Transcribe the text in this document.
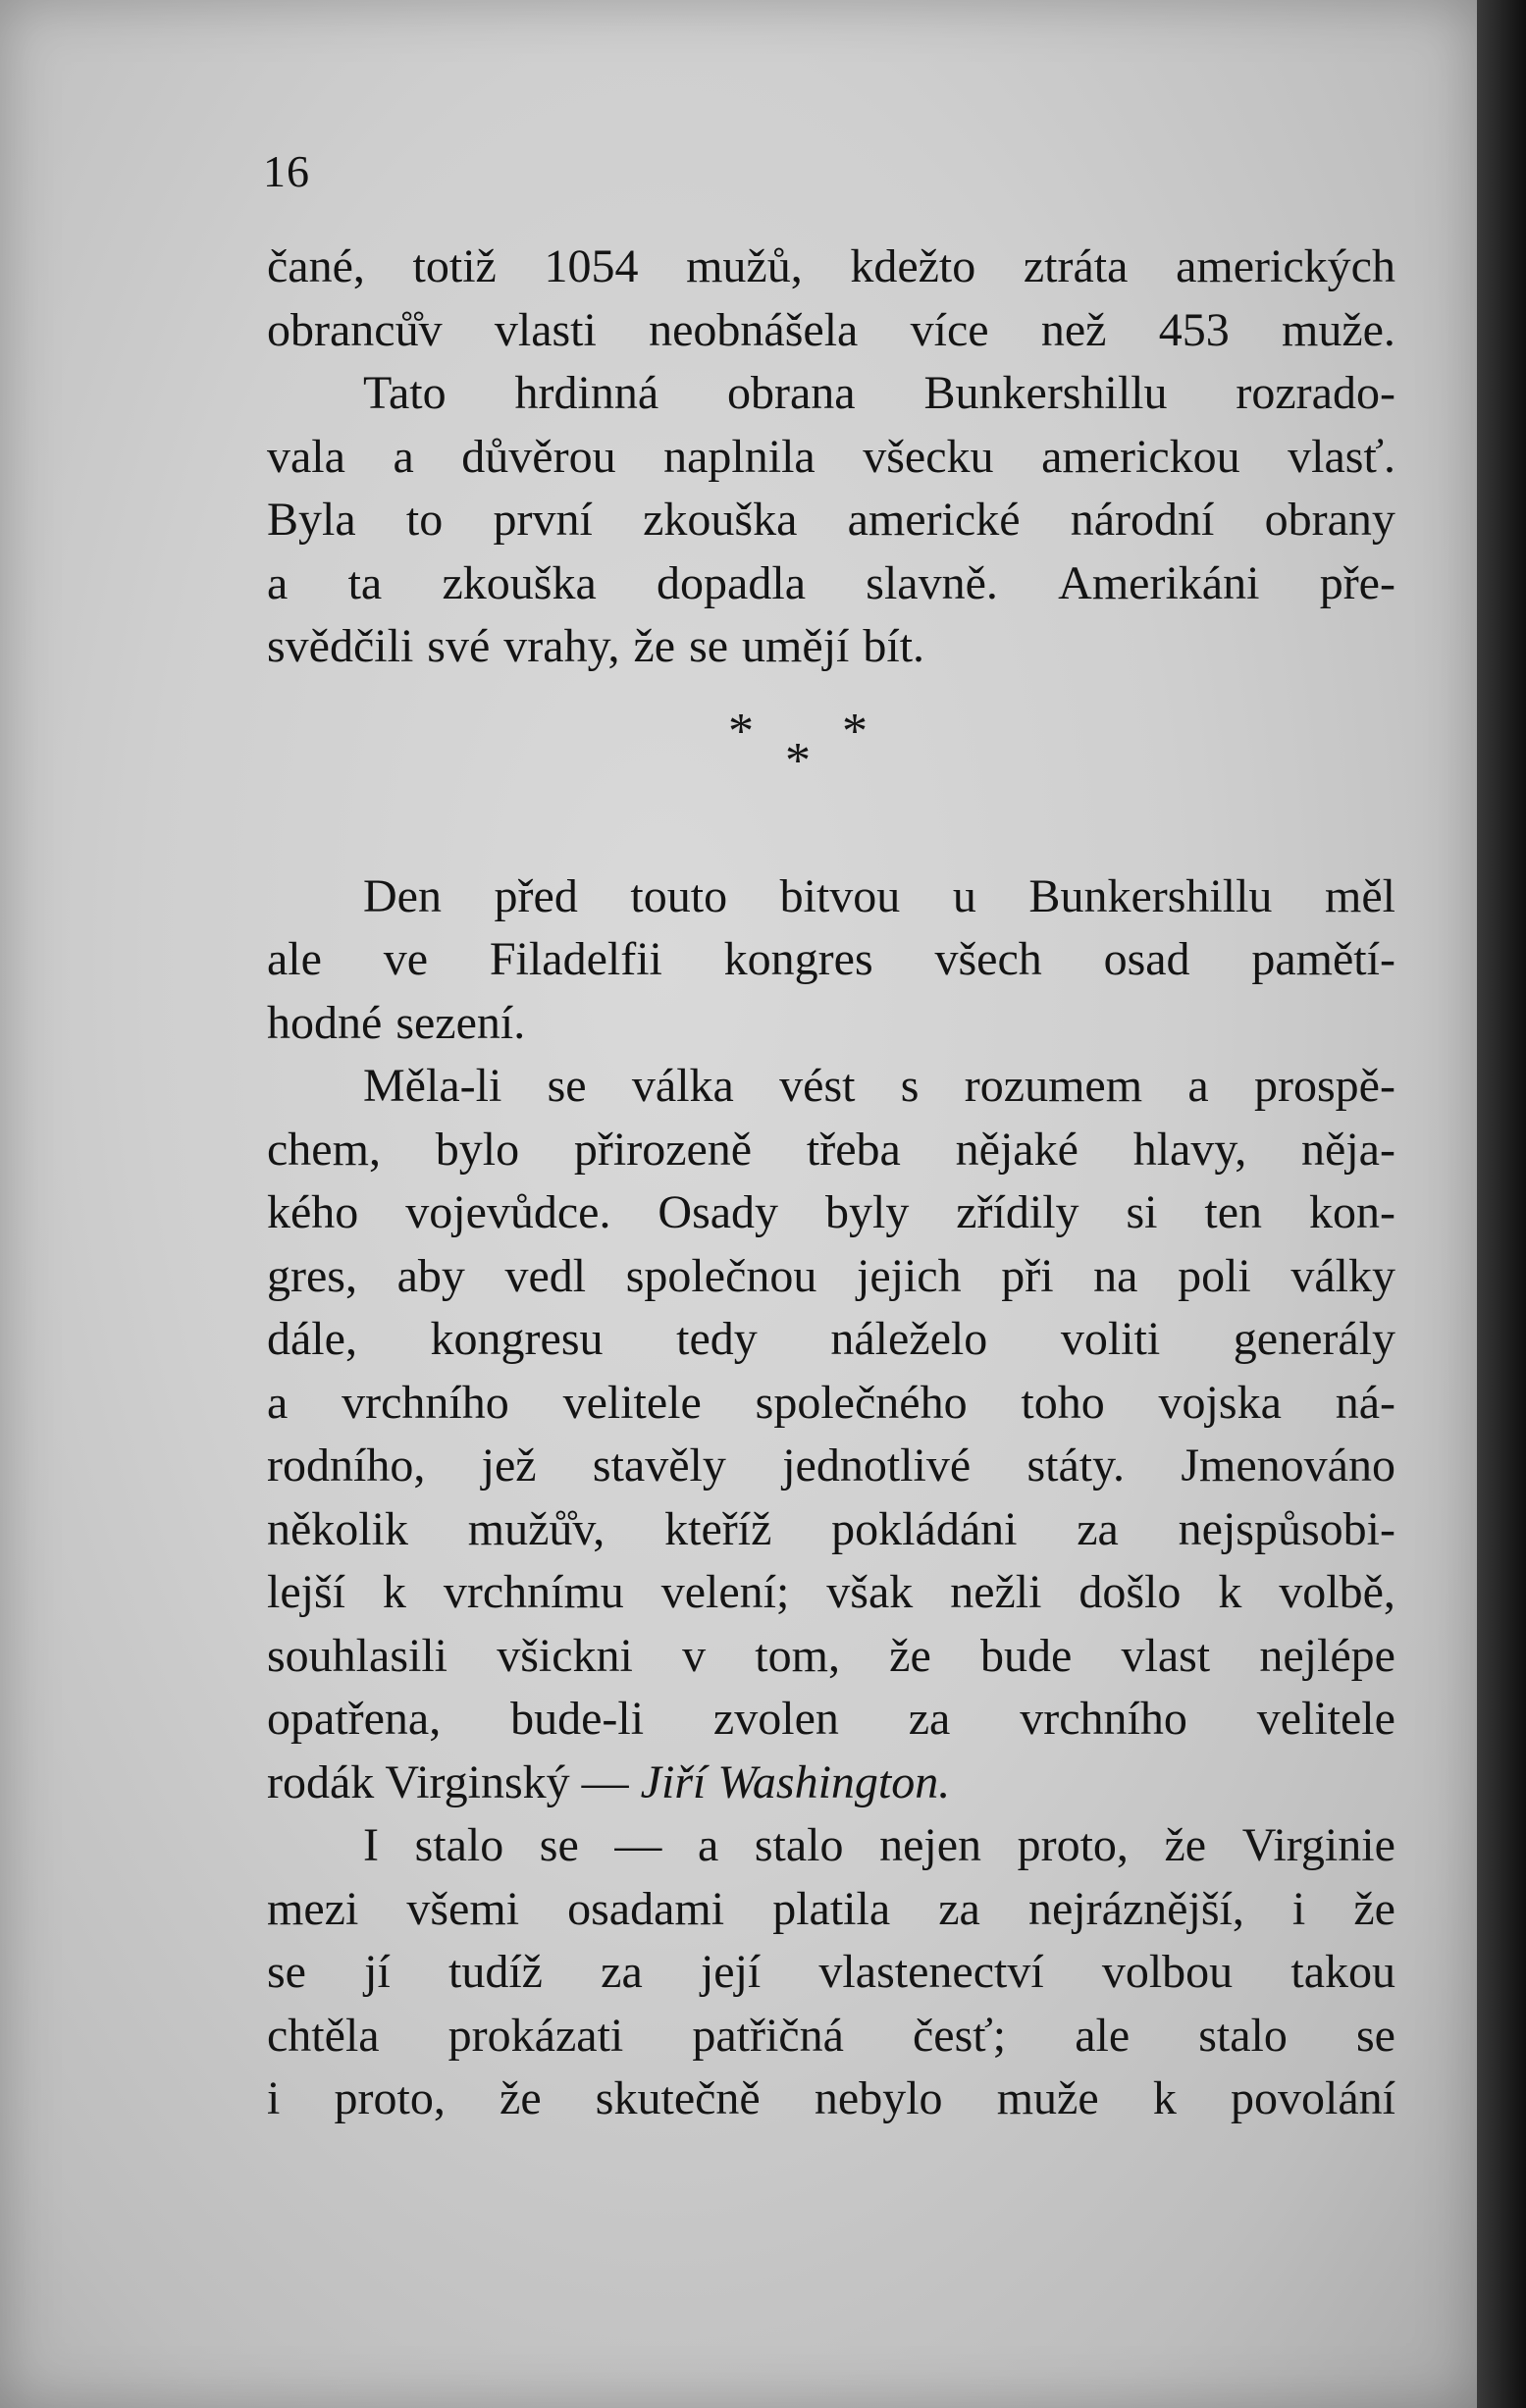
16
čané, totiž 1054 mužů, kdežto ztráta amerických
obranců̊v vlasti neobnášela více než 453 muže.
Tato hrdinná obrana Bunkershillu rozrado-
vala a důvěrou naplnila všecku americkou vlasť.
Byla to první zkouška americké národní obrany
a ta zkouška dopadla slavně. Amerikáni pře-
svědčili své vrahy, že se umějí bít.
*
*
*
Den před touto bitvou u Bunkershillu měl
ale ve Filadelfii kongres všech osad pamětí-
hodné sezení.
Měla-li se válka vést s rozumem a prospě-
chem, bylo přirozeně třeba nějaké hlavy, něja-
kého vojevůdce. Osady byly zřídily si ten kon-
gres, aby vedl společnou jejich při na poli války
dále, kongresu tedy náleželo voliti generály
a vrchního velitele společného toho vojska ná-
rodního, jež stavěly jednotlivé státy. Jmenováno
několik mužů̊v, kteříž pokládáni za nejspůsobi-
lejší k vrchnímu velení; však nežli došlo k volbě,
souhlasili všickni v tom, že bude vlast nejlépe
opatřena, bude-li zvolen za vrchního velitele
rodák Virginský — Jiří Washington.
I stalo se — a stalo nejen proto, že Virginie
mezi všemi osadami platila za nejráznější, i že
se jí tudíž za její vlastenectví volbou takou
chtěla prokázati patřičná česť; ale stalo se
i proto, že skutečně nebylo muže k povolání
